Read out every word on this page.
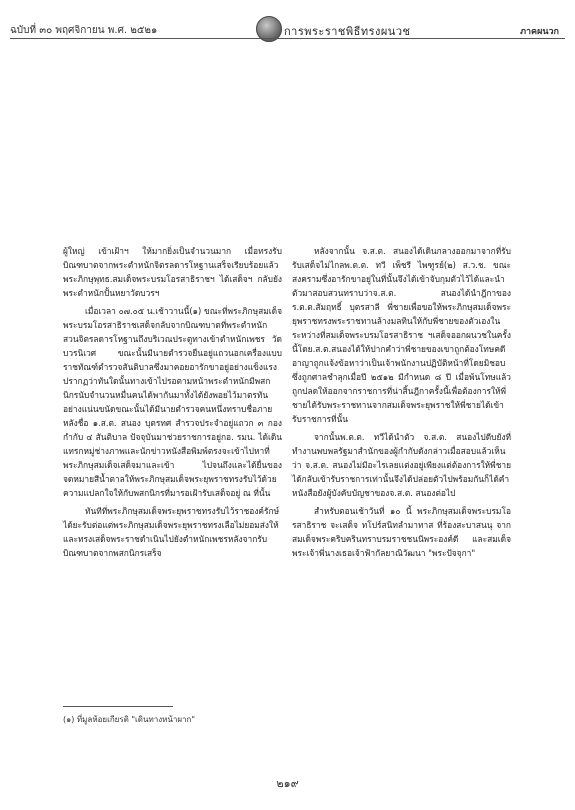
ฉบับที่ ๓๐ พฤศจิกายน พ.ศ. ๒๕๒๑	การพระราชพิธีทรงผนวช	ภาคผนวก

ผู้ใหญ่ เข้าเฝ้าฯ ให้มากยิ่งเป็นจำนวนมาก เมื่อทรงรับบิณฑบาตจากพระตำหนักจิตรลดารโหฐานเสร็จเรียบร้อยแล้ว พระภิกษุพุทธ.สมเด็จพระบรมโอรสาธิราชฯ ได้เสด็จฯ กลับยังพระตำหนักปั้นหยาวัดบวรฯ

เมื่อเวลา ๐๗.๐๕ น.เช้าวานนี้(๑) ขณะที่พระภิกษุสมเด็จพระบรมโอรสาธิราชเสด็จกลับจากบิณฑบาตที่พระตำหนักสวนจิตรลดารโหฐานถึงบริเวณประตูทางเข้าตำหนักเพชร วัดบวรนิเวศ ขณะนั้นมีนายตำรวจยืนอยู่แถวนอกเครื่องแบบราชทัณฑ์ตำรวจสันติบาลซึ่งมาคอยอารักขาอยู่อย่างแข็งแรง ปรากฏว่าทันใดนั้นทางเข้าไปรอตามหน้าพระตำหนักมีพสกนิกรนับจำนวนหมื่นคนได้พากันมาทั้งได้ยังพอยไว้มาตรทันอย่างแน่นขนัดขณะนั้นได้มีนายตำรวจคนหนึ่งทราบชื่อภายหลังชื่อ ๑.ส.ต. สนอง บุตรทศ สำรวจประจำอยู่แถวก ๓ กองกำกับ ๔ สันติบาล ปัจจุบันมาช่วยราชการอยู่กอ. รมน. ได้เดินแทรกหมู่ช่างภาพและนักข่าวหนังสือพิมพ์ตรงจะเข้าไปหาที่พระภิกษุสมเด็จเสด็จมาและเข้า ไปจนถึงและได้ยื่นของจดหมายสีน้ำตาลให้พระภิกษุสมเด็จพระยุพราชทรงรับไว้ด้วยความแปลกใจให้กับพสกนิกรที่มารอเฝ้ารับเสด็จอยู่ ณ ที่นั้น

ทันทีที่พระภิกษุสมเด็จพระยุพราชทรงรับไว้ราชองค์รักษ์ได้ยะรับต่อแต่พระภิกษุสมเด็จพระยุพราชทรงเลือไม่ยอมส่งให้ และทรงเสด็จพระราชดำเนินไปยังตำหนักเพชรหลังจากรับบิณฑบาตจากพสกนิกรเสร็จ

หลังจากนั้น จ.ส.ต. สนองได้เดินกลางออกมาจากที่รับรับเสด็จไม่ไกลพ.ต.ต. ทวี เพ็ชรี ไพฑูรย์(๒) ส.ว.ช. ขณะสงครามซึ่งอารักขาอยู่ในที่นั้นจึงได้เข้าจับกุมตัวไว้ได้และนำตัวมาสอบสวนทราบว่าจ.ส.ต. สนองได้นำฎีกาของร.ต.ต.สัมฤทธิ์ บุตรสาลี พี่ชายเพื่อขอให้พระภิกษุสมเด็จพระยุพราชทรงพระราชทานล้างมลทินให้กับพี่ชายของตัวเองในระหว่างที่สมเด็จพระบรมโอรสาธิราช ฯเสด็จออกผนวชในครั้งนี้โดย.ส.ต.สนองได้ให้ปากคำว่าพี่ชายของเขาถูกต้องโทษคดีอาญาถูกแจ้งข้อหาว่าเป็นเจ้าพนักงานปฏิบัติหน้าที่โดยมิชอบ ซึ่งถูกศาลชำลุกเมื่อปี ๒๕๑๒ มีกำหนด ๘ ปี เมื่อพ้นโทษแล้วถูกปลดให้ออกจากราชการที่น่าสิ้นฎีกาครั้งนี้เพื่อต้องการให้พี่ชายได้รับพระราชทานจากสมเด็จพระยุพราชให้พี่ชายได้เข้ารับราชการที่นั้น

จากนั้นพ.ต.ต. ทวีได้นำตัว จ.ส.ต. สนองไปดีบยังที่ทำงานพบพลรัฐมาสำนักของผู้กำกับดังกล่าวเมื่อสอบแล้วเห็นว่า จ.ส.ต. สนองไม่มีอะไรเลยแต่งอยู่เพียงแต่ต้องการให้พี่ชายได้กลับเข้ารับราชการเท่านั้นจึงได้ปล่อยตัวไปพร้อมกันก็ได้คำหนังสือยังผู้บังคับบัญชาของจ.ส.ต. สนองต่อไป

สำหรับตอนเช้าวันที่ ๑๐ นี้ พระภิกษุสมเด็จพระบรมโอรสาธิราช จะเสด็จ ทโปร์สนิทลำมาทาส ที่ร้องสะบาสนนุ จากสมเด็จพระคริบครินทราบรมราชชนนีพระองค์ดี และสมเด็จพระเจ้าพี่นางเธอเจ้าฟ้ากัลยาณิวัฒนา "พระปัจจุกา"

(๑) ที่มูลห้อยเกียรติ "เดินทางหน้าผาก"
๒๑๙
